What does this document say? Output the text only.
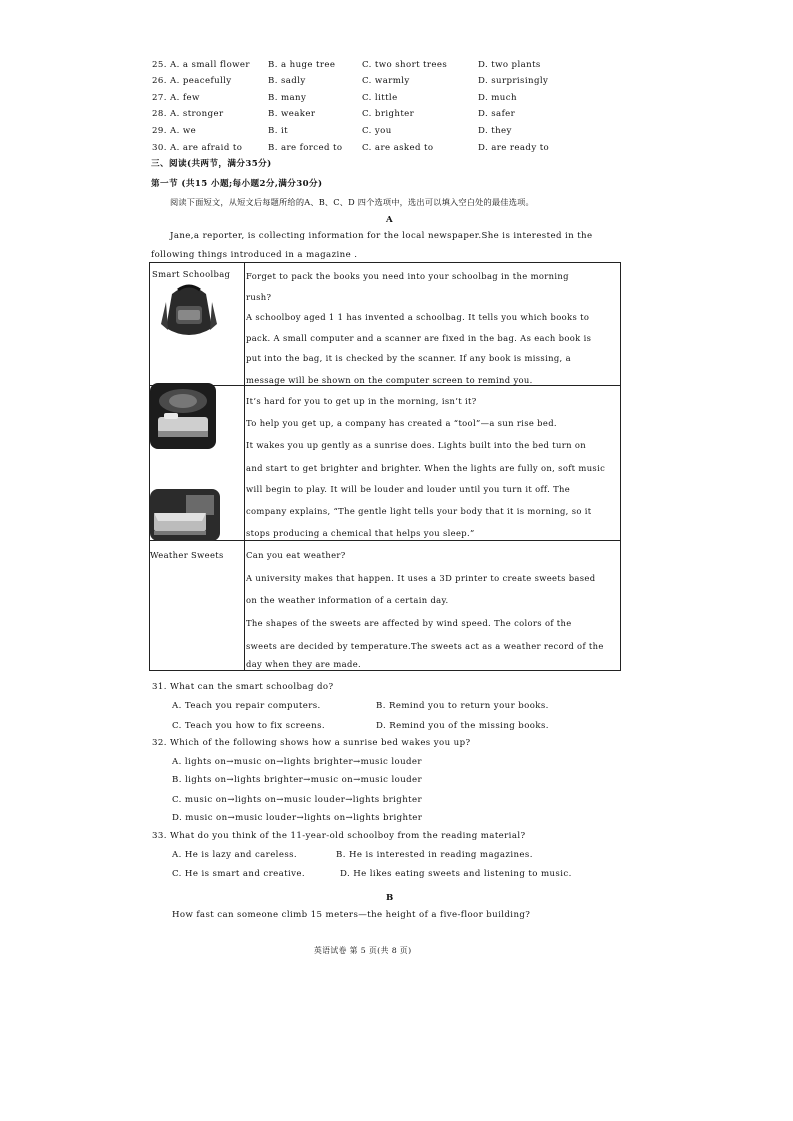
25. A. a small flower B. a huge tree	C. two short trees	D. two plants
26. A. peacefully	B. sadly	C. warmly	D. surprisingly
27. A. few	B. many	C. little	D. much
28. A. stronger	B. weaker	C. brighter	D. safer
29. A. we	B. it	C. you	D. they
30. A. are afraid to	B. are forced to C. are asked to	D. are ready to
三、阅读(共两节，满分35分)
第一节 (共15 小题;每小题2分,满分30分)
阅读下面短文，从短文后每题所给的A、B、C、D 四个选项中，选出可以填入空白处的最佳选项。
A
Jane,a reporter, is collecting information for the local newspaper.She is interested in the
following things introduced in a magazine .
Smart Schoolbag Forget to pack the books you need into your schoolbag in the morning
rush?
A schoolboy aged 1 1 has invented a schoolbag. It tells you which books to
pack. A small computer and a scanner are fixed in the bag. As each book is
put into the bag, it is checked by the scanner. If any book is missing, a
message will be shown on the computer screen to remind you.
It’s hard for you to get up in the morning, isn’t it?
To help you get up, a company has created a “tool”—a sun rise bed.
It wakes you up gently as a sunrise does. Lights built into the bed turn on
and start to get brighter and brighter. When the lights are fully on, soft music
will begin to play. It will be louder and louder until you turn it off. The
company explains, “The gentle light tells your body that it is morning, so it
stops producing a chemical that helps you sleep.”
Weather Sweets	Can you eat weather?
A university makes that happen. It uses a 3D printer to create sweets based
on the weather information of a certain day.
The shapes of the sweets are affected by wind speed. The colors of the
sweets are decided by temperature.The sweets act as a weather record of the
day when they are made.
31. What can the smart schoolbag do?
A. Teach you repair computers.	B. Remind you to return your books.
C. Teach you how to fix screens.	D. Remind you of the missing books.
32. Which of the following shows how a sunrise bed wakes you up?
A. lights on→music on→lights brighter→music louder
B. lights on→lights brighter→music on→music louder
C. music on→lights on→music louder→lights brighter
D. music on→music louder→lights on→lights brighter
33. What do you think of the 11-year-old schoolboy from the reading material?
A. He is lazy and careless.	B. He is interested in reading magazines.
C. He is smart and creative.	D. He likes eating sweets and listening to music.
B
How fast can someone climb 15 meters—the height of a five-floor building?
英语试卷 第 5 页(共 8 页)
